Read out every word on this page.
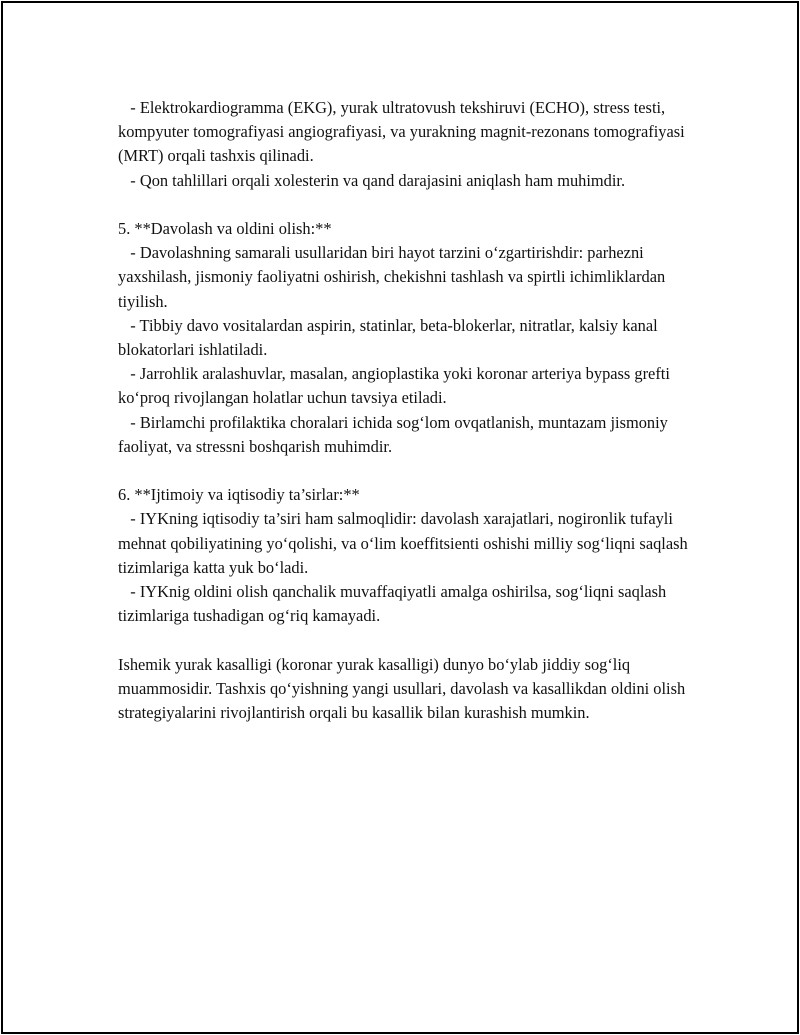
- Elektrokardiogramma (EKG), yurak ultratovush tekshiruvi (ECHO), stress testi, kompyuter tomografiyasi angiografiyasi, va yurakning magnit-rezonans tomografiyasi (MRT) orqali tashxis qilinadi.

- Qon tahlillari orqali xolesterin va qand darajasini aniqlash ham muhimdir.

5. **Davolash va oldini olish:**

- Davolashning samarali usullaridan biri hayot tarzini o‘zgartirishdir: parhezni yaxshilash, jismoniy faoliyatni oshirish, chekishni tashlash va spirtli ichimliklardan tiyilish.

- Tibbiy davo vositalardan aspirin, statinlar, beta-blokerlar, nitratlar, kalsiy kanal blokatorlari ishlatiladi.

- Jarrohlik aralashuvlar, masalan, angioplastika yoki koronar arteriya bypass grefti ko‘proq rivojlangan holatlar uchun tavsiya etiladi.

- Birlamchi profilaktika choralari ichida sog‘lom ovqatlanish, muntazam jismoniy faoliyat, va stressni boshqarish muhimdir.

6. **Ijtimoiy va iqtisodiy ta’sirlar:**

- IYKning iqtisodiy ta’siri ham salmoqlidir: davolash xarajatlari, nogironlik tufayli mehnat qobiliyatining yo‘qolishi, va o‘lim koeffitsienti oshishi milliy sog‘liqni saqlash tizimlariga katta yuk bo‘ladi.

- IYKnig oldini olish qanchalik muvaffaqiyatli amalga oshirilsa, sog‘liqni saqlash tizimlariga tushadigan og‘riq kamayadi.

Ishemik yurak kasalligi (koronar yurak kasalligi) dunyo bo‘ylab jiddiy sog‘liq muammosidir. Tashxis qo‘yishning yangi usullari, davolash va kasallikdan oldini olish strategiyalarini rivojlantirish orqali bu kasallik bilan kurashish mumkin.
